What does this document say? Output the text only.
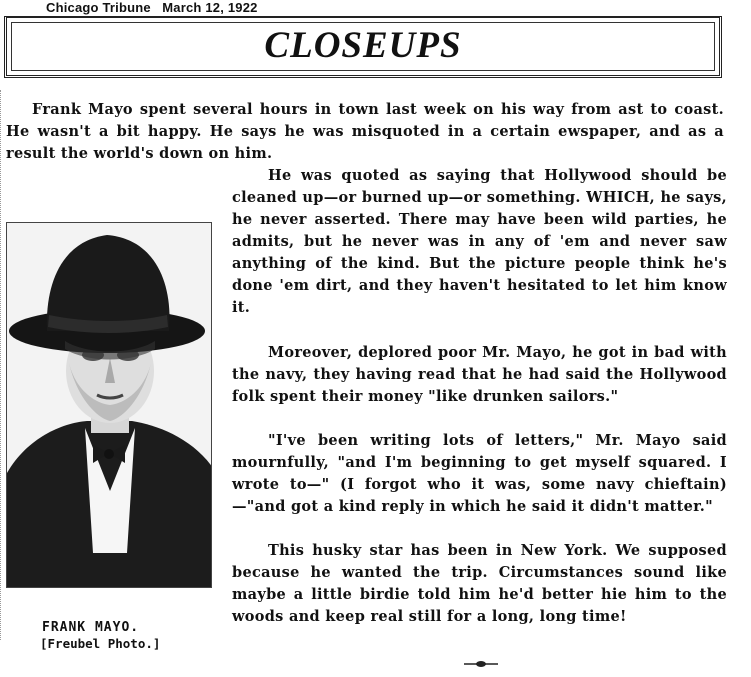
Chicago Tribune   March 12, 1922
CLOSEUPS
Frank Mayo spent several hours in town last week on his way from ast to coast. He wasn't a bit happy. He says he was misquoted in a certain ewspaper, and as a result the world's down on him.
He was quoted as saying that Hollywood should be cleaned up—or burned up—or something. WHICH, he says, he never asserted. There may have been wild parties, he admits, but he never was in any of 'em and never saw anything of the kind. But the picture people think he's done 'em dirt, and they haven't hesitated to let him know it.
Moreover, deplored poor Mr. Mayo, he got in bad with the navy, they having read that he had said the Hollywood folk spent their money "like drunken sailors."
"I've been writing lots of letters," Mr. Mayo said mournfully, "and I'm beginning to get myself squared. I wrote to—" (I forgot who it was, some navy chieftain)—"and got a kind reply in which he said it didn't matter."
This husky star has been in New York. We supposed because he wanted the trip. Circumstances sound like maybe a little birdie told him he'd better hie him to the woods and keep real still for a long, long time!
FRANK MAYO.
[Freubel Photo.]
